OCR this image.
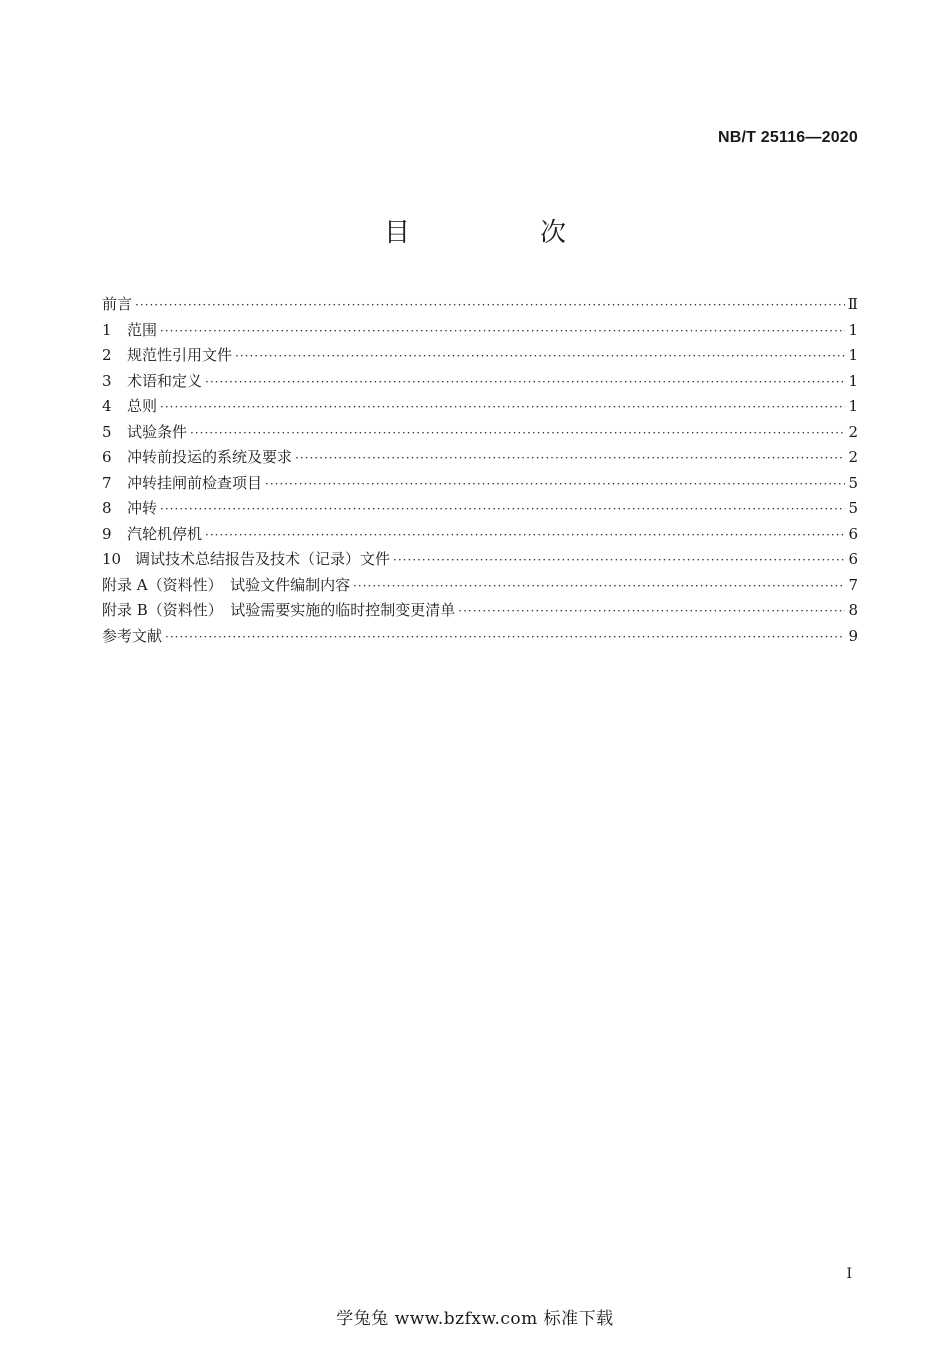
NB/T 25116—2020
目　次
前言 ·····	Ⅱ
1 范围 ·····	1
2 规范性引用文件 ·····	1
3 术语和定义 ·····	1
4 总则 ·····	1
5 试验条件 ·····	2
6 冲转前投运的系统及要求 ·····	2
7 冲转挂闸前检查项目 ·····	5
8 冲转 ·····	5
9 汽轮机停机 ·····	6
10 调试技术总结报告及技术（记录）文件 ·····	6
附录 A（资料性）　试验文件编制内容 ·····	7
附录 B（资料性）　试验需要实施的临时控制变更清单 ·····	8
参考文献 ·····	9
I
学兔兔 www.bzfxw.com 标准下载
